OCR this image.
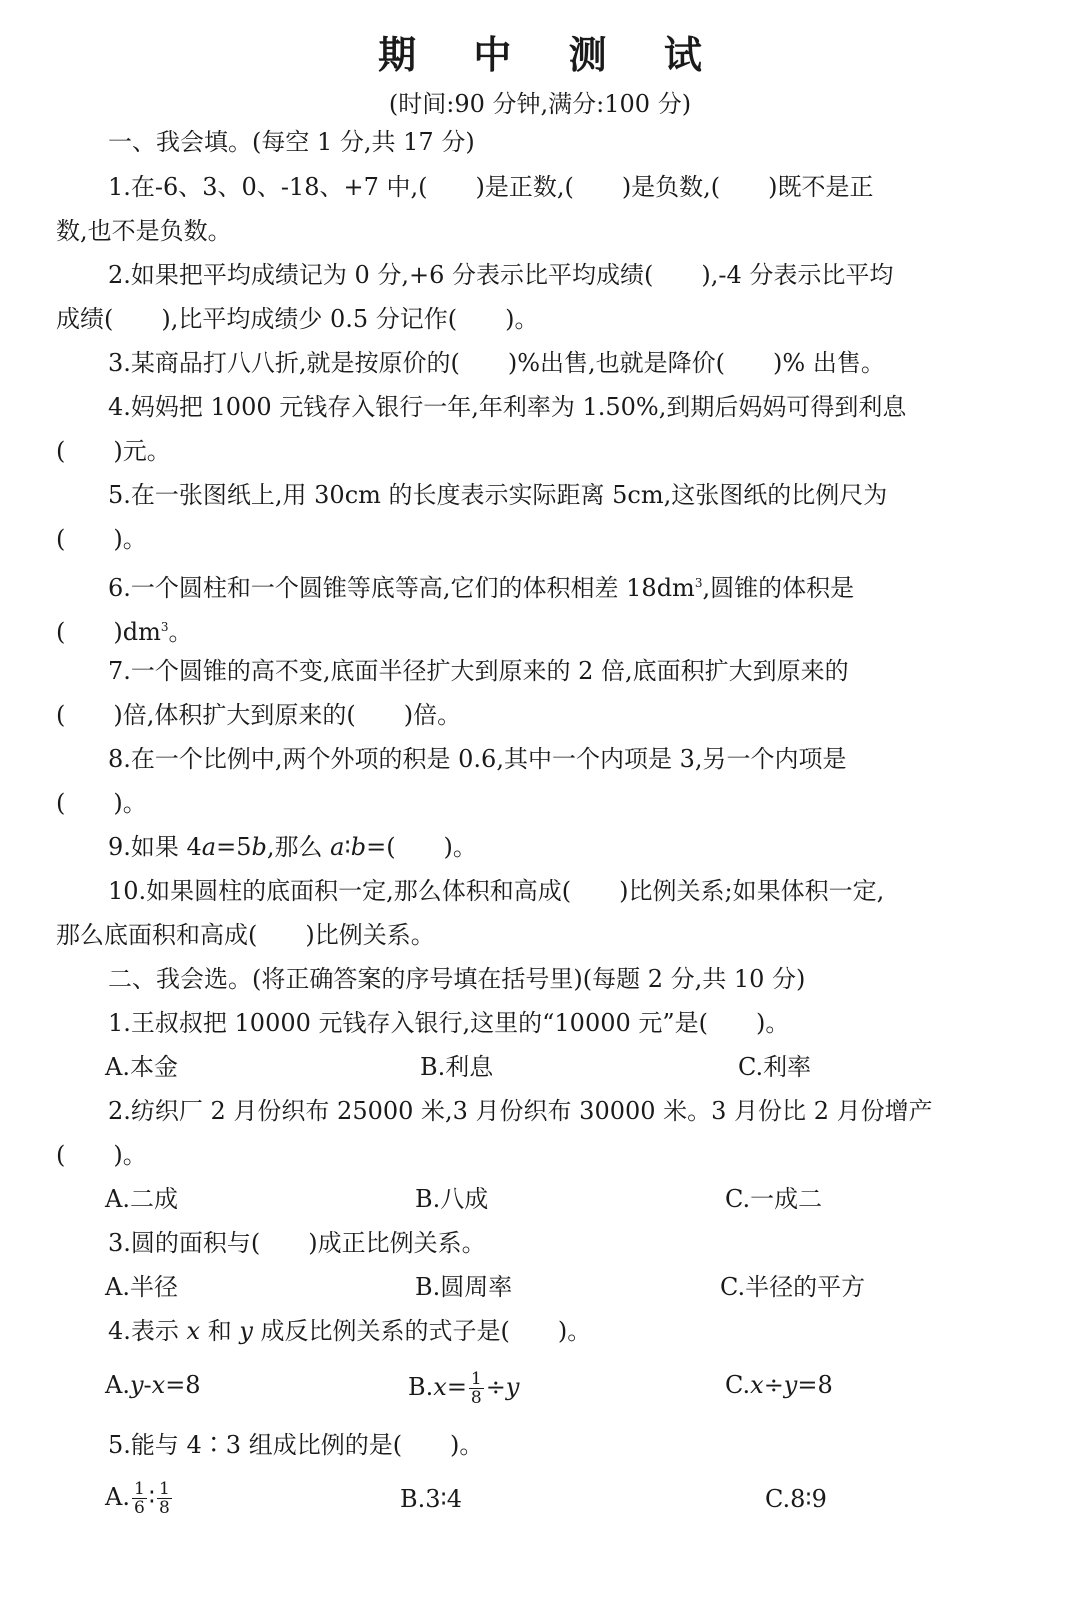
期 中 测 试
(时间:90 分钟,满分:100 分)
一、我会填。(每空 1 分,共 17 分)
1.在-6、3、0、-18、+7 中,(　　)是正数,(　　)是负数,(　　)既不是正
数,也不是负数。
2.如果把平均成绩记为 0 分,+6 分表示比平均成绩(　　),-4 分表示比平均
成绩(　　),比平均成绩少 0.5 分记作(　　)。
3.某商品打八八折,就是按原价的(　　)%出售,也就是降价(　　)% 出售。
4.妈妈把 1000 元钱存入银行一年,年利率为 1.50%,到期后妈妈可得到利息
(　　)元。
5.在一张图纸上,用 30cm 的长度表示实际距离 5cm,这张图纸的比例尺为
(　　)。
6.一个圆柱和一个圆锥等底等高,它们的体积相差 $18dm^3$,圆锥的体积是
(　　)$dm^3$。
7.一个圆锥的高不变,底面半径扩大到原来的 2 倍,底面积扩大到原来的
(　　)倍,体积扩大到原来的(　　)倍。
8.在一个比例中,两个外项的积是 0.6,其中一个内项是 3,另一个内项是
(　　)。
9.如果 4a=5b,那么 a∶b=(　　)。
10.如果圆柱的底面积一定,那么体积和高成(　　)比例关系;如果体积一定,
那么底面积和高成(　　)比例关系。
二、我会选。(将正确答案的序号填在括号里)(每题 2 分,共 10 分)
1.王叔叔把 10000 元钱存入银行,这里的“10000 元”是(　　)。
A.本金	B.利息	C.利率
2.纺织厂 2 月份织布 25000 米,3 月份织布 30000 米。3 月份比 2 月份增产
(　　)。
A.二成	B.八成	C.一成二
3.圆的面积与(　　)成正比例关系。
A.半径	B.圆周率	C.半径的平方
4.表示 x 和 y 成反比例关系的式子是(　　)。
A.y-x=8	$B.x= \frac{1}{8} \div y$	C.x÷y=8
5.能与 4∶3 组成比例的是(　　)。
A. $\frac{1}{6}$ ∶ $\frac{1}{8}$	B.3∶4	C.8∶9
